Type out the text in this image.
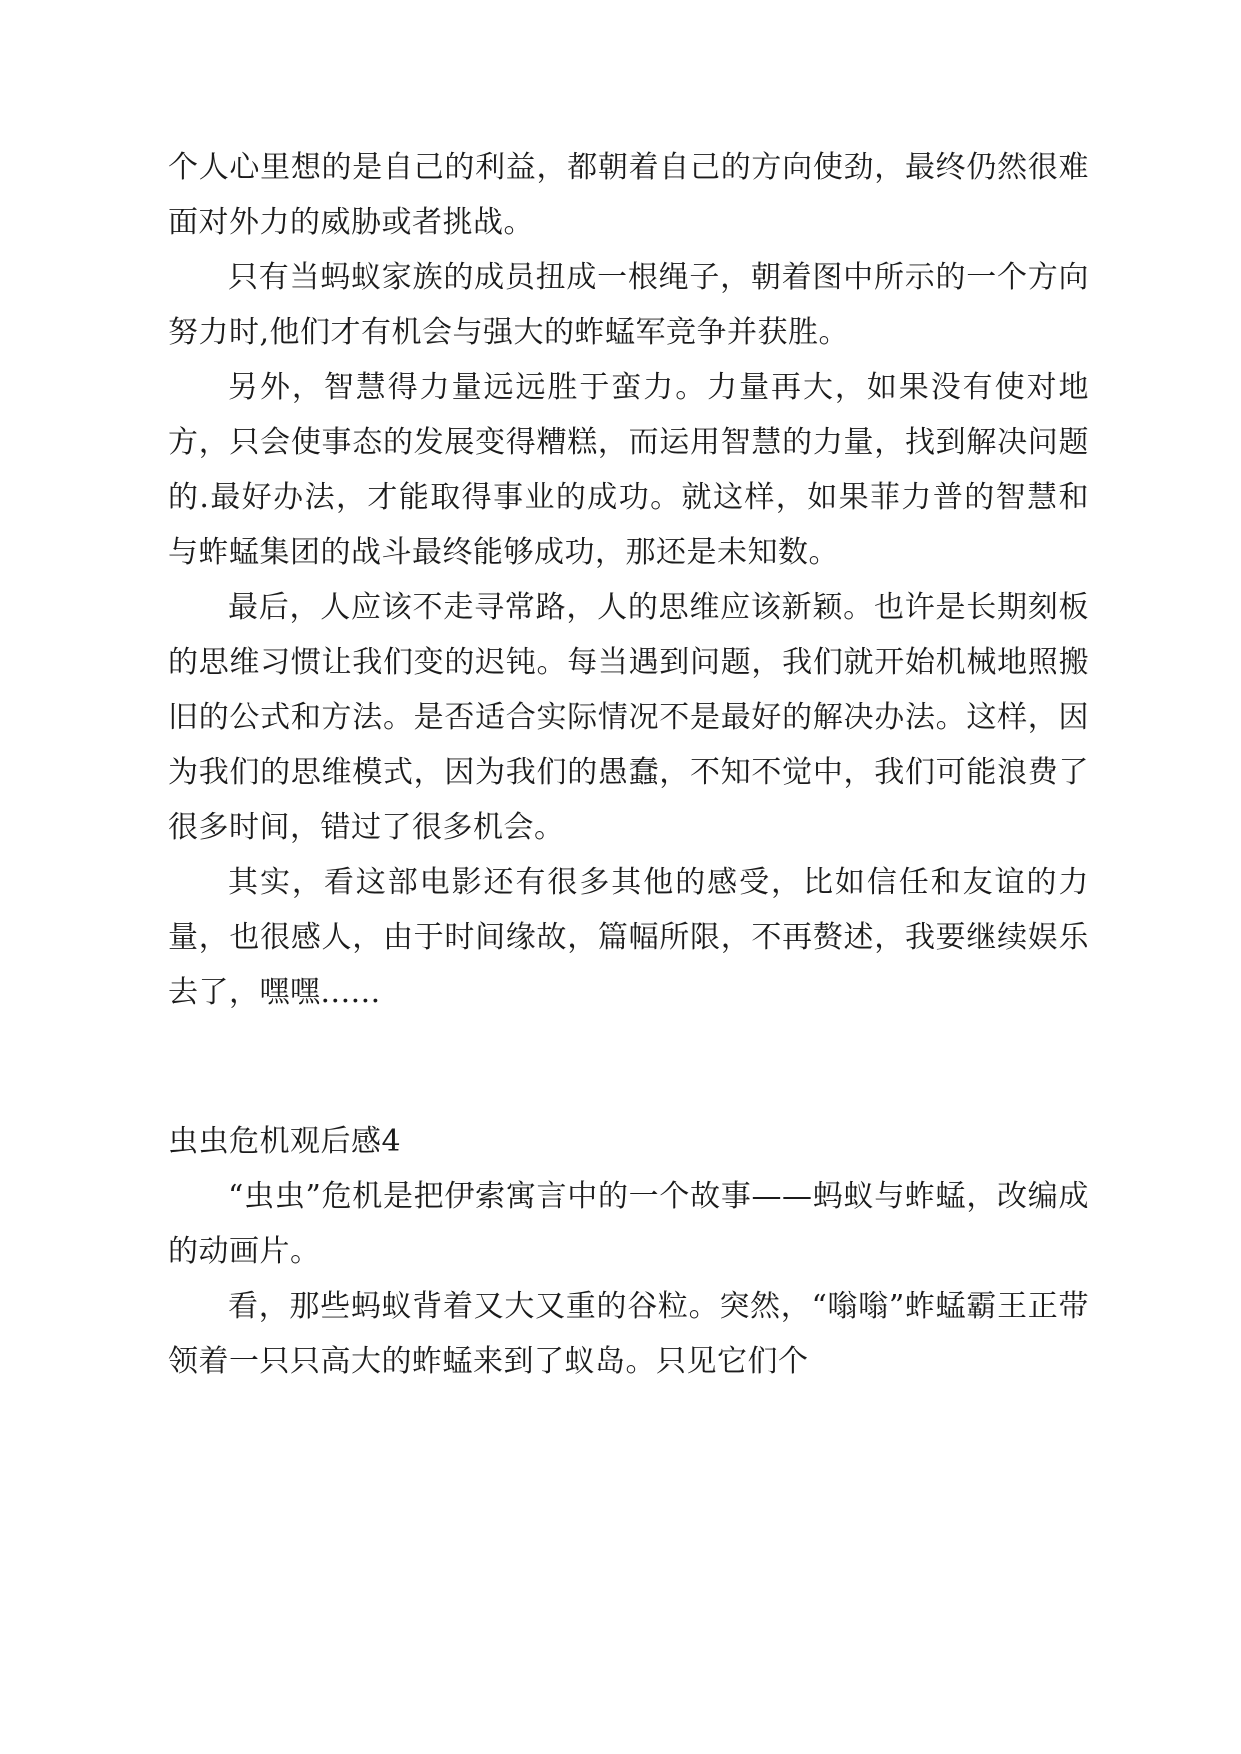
个人心里想的是自己的利益，都朝着自己的方向使劲，最终仍然很难面对外力的威胁或者挑战。

只有当蚂蚁家族的成员扭成一根绳子，朝着图中所示的一个方向努力时,他们才有机会与强大的蚱蜢军竞争并获胜。

另外，智慧得力量远远胜于蛮力。力量再大，如果没有使对地方，只会使事态的发展变得糟糕，而运用智慧的力量，找到解决问题的.最好办法，才能取得事业的成功。就这样，如果菲力普的智慧和与蚱蜢集团的战斗最终能够成功，那还是未知数。

最后，人应该不走寻常路，人的思维应该新颖。也许是长期刻板的思维习惯让我们变的迟钝。每当遇到问题，我们就开始机械地照搬旧的公式和方法。是否适合实际情况不是最好的解决办法。这样，因为我们的思维模式，因为我们的愚蠢，不知不觉中，我们可能浪费了很多时间，错过了很多机会。

其实，看这部电影还有很多其他的感受，比如信任和友谊的力量，也很感人，由于时间缘故，篇幅所限，不再赘述，我要继续娱乐去了，嘿嘿......

虫虫危机观后感4

“虫虫”危机是把伊索寓言中的一个故事——蚂蚁与蚱蜢，改编成的动画片。

看，那些蚂蚁背着又大又重的谷粒。突然，“嗡嗡”蚱蜢霸王正带领着一只只高大的蚱蜢来到了蚁岛。只见它们个
